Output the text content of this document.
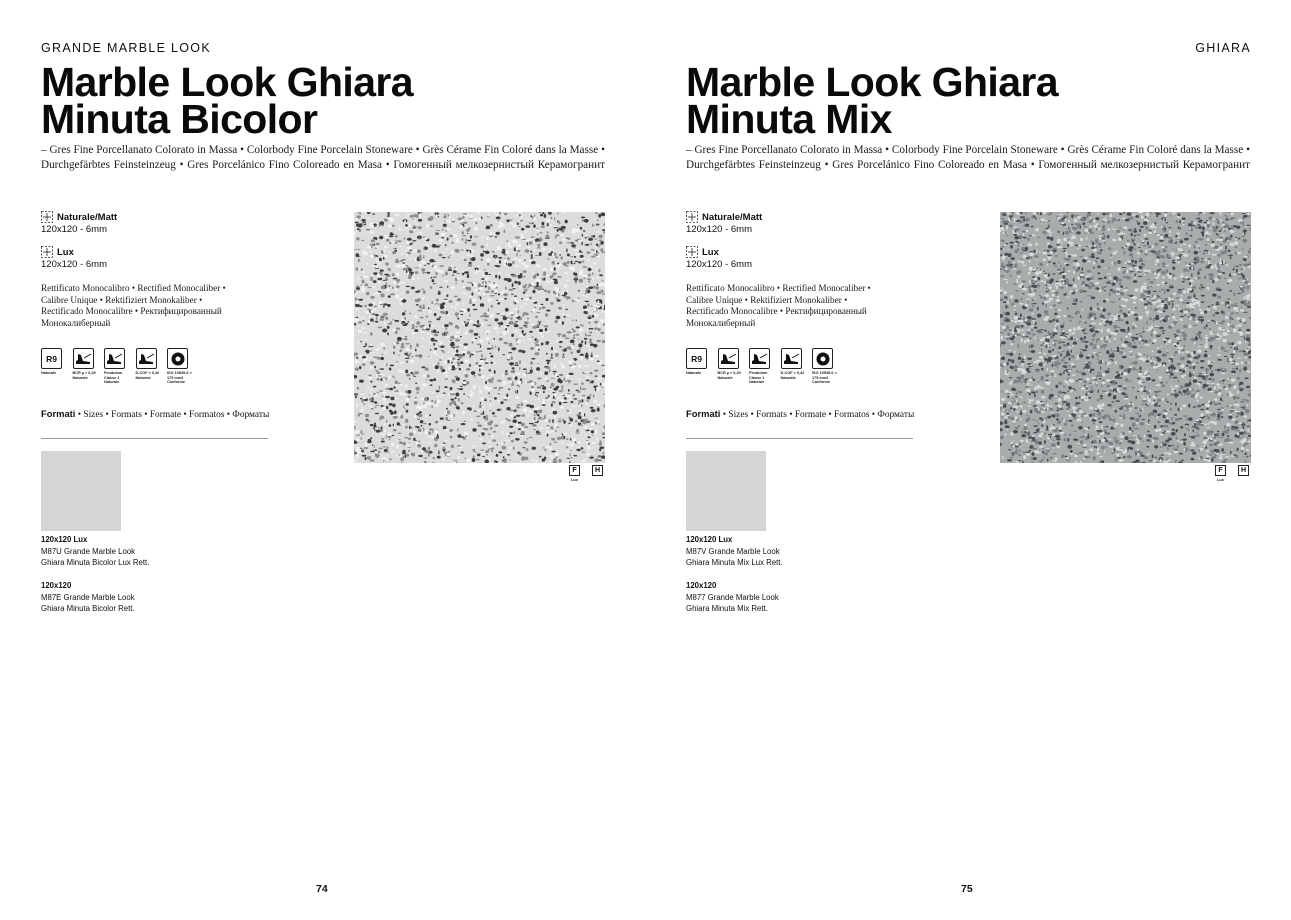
GRANDE MARBLE LOOK
Marble Look Ghiara
Minuta Bicolor

– Gres Fine Porcellanato Colorato in Massa • Colorbody Fine Porcelain Stoneware • Grès Cérame Fin Coloré dans la Masse • Durchgefärbtes Feinsteinzeug • Gres Porcelánico Fino Coloreado en Masa • Гомогенный мелкозернистый Керамогранит

Naturale/Matt
120x120 - 6mm
Lux
120x120 - 6mm

Rettificato Monocalibro • Rectified Monocaliber • Calibre Unique • Rektifiziert Monokaliber • Rectificado Monocalibre • Ректифицированный Монокалиберный

R9
Naturale	BCR µ > 0,40 Naturale
Pendulum Classe 1 Naturale
D-COF > 0,42 Naturale
ISO 10545-6 < 175 mm3 Conforme

Formati • Sizes • Formats • Formate • Formatos • Форматы

120x120 Lux
M87U Grande Marble Look
Ghiara Minuta Bicolor Lux Rett.
120x120
M87E Grande Marble Look
Ghiara Minuta Bicolor Rett.
F
Lux
H
74
GHIARA
Marble Look Ghiara
Minuta Mix

– Gres Fine Porcellanato Colorato in Massa • Colorbody Fine Porcelain Stoneware • Grès Cérame Fin Coloré dans la Masse • Durchgefärbtes Feinsteinzeug • Gres Porcelánico Fino Coloreado en Masa • Гомогенный мелкозернистый Керамогранит

Naturale/Matt
120x120 - 6mm
Lux
120x120 - 6mm

Rettificato Monocalibro • Rectified Monocaliber • Calibre Unique • Rektifiziert Monokaliber • Rectificado Monocalibre • Ректифицированный Монокалиберный

R9
Naturale	BCR µ > 0,40 Naturale
Pendulum Classe 1 Naturale
D-COF > 0,42 Naturale
ISO 10545-6 < 175 mm3 Conforme

Formati • Sizes • Formats • Formate • Formatos • Форматы

120x120 Lux
M87V Grande Marble Look
Ghiara Minuta Mix Lux Rett.
120x120
M877 Grande Marble Look
Ghiara Minuta Mix Rett.
F
Lux
H
75
